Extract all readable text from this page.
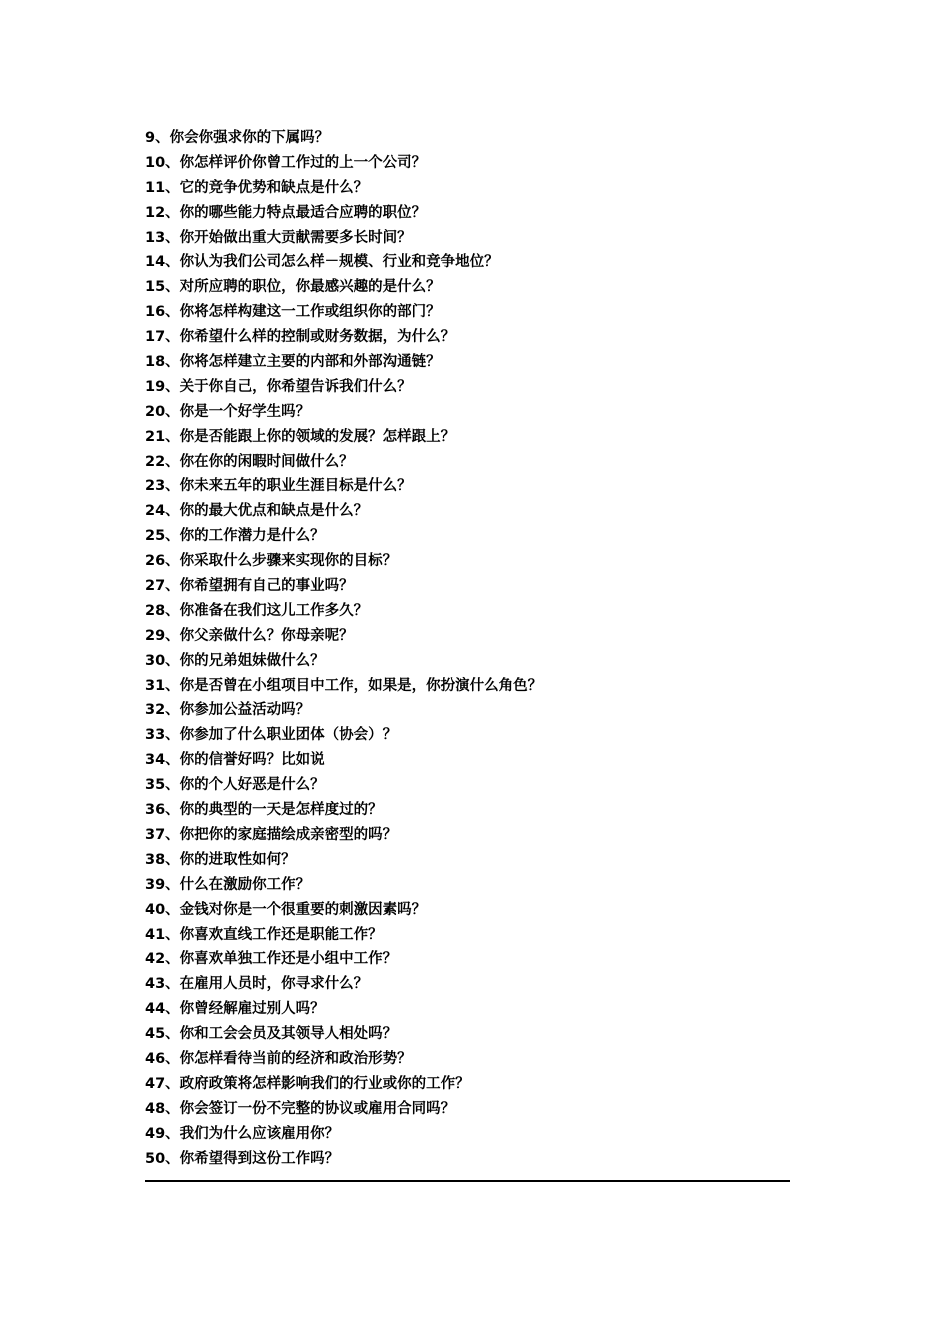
9、你会你强求你的下属吗？
10、你怎样评价你曾工作过的上一个公司？
11、它的竞争优势和缺点是什么？
12、你的哪些能力特点最适合应聘的职位？
13、你开始做出重大贡献需要多长时间？
14、你认为我们公司怎么样－规模、行业和竞争地位？
15、对所应聘的职位，你最感兴趣的是什么？
16、你将怎样构建这一工作或组织你的部门？
17、你希望什么样的控制或财务数据，为什么？
18、你将怎样建立主要的内部和外部沟通链？
19、关于你自己，你希望告诉我们什么？
20、你是一个好学生吗？
21、你是否能跟上你的领域的发展？怎样跟上？
22、你在你的闲暇时间做什么？
23、你未来五年的职业生涯目标是什么？
24、你的最大优点和缺点是什么？
25、你的工作潜力是什么？
26、你采取什么步骤来实现你的目标？
27、你希望拥有自己的事业吗？
28、你准备在我们这儿工作多久？
29、你父亲做什么？你母亲呢？
30、你的兄弟姐妹做什么？
31、你是否曾在小组项目中工作，如果是，你扮演什么角色？
32、你参加公益活动吗？
33、你参加了什么职业团体（协会）？
34、你的信誉好吗？比如说
35、你的个人好恶是什么？
36、你的典型的一天是怎样度过的？
37、你把你的家庭描绘成亲密型的吗？
38、你的进取性如何？
39、什么在激励你工作？
40、金钱对你是一个很重要的刺激因素吗？
41、你喜欢直线工作还是职能工作？
42、你喜欢单独工作还是小组中工作？
43、在雇用人员时，你寻求什么？
44、你曾经解雇过别人吗？
45、你和工会会员及其领导人相处吗？
46、你怎样看待当前的经济和政治形势？
47、政府政策将怎样影响我们的行业或你的工作？
48、你会签订一份不完整的协议或雇用合同吗？
49、我们为什么应该雇用你？
50、你希望得到这份工作吗？
